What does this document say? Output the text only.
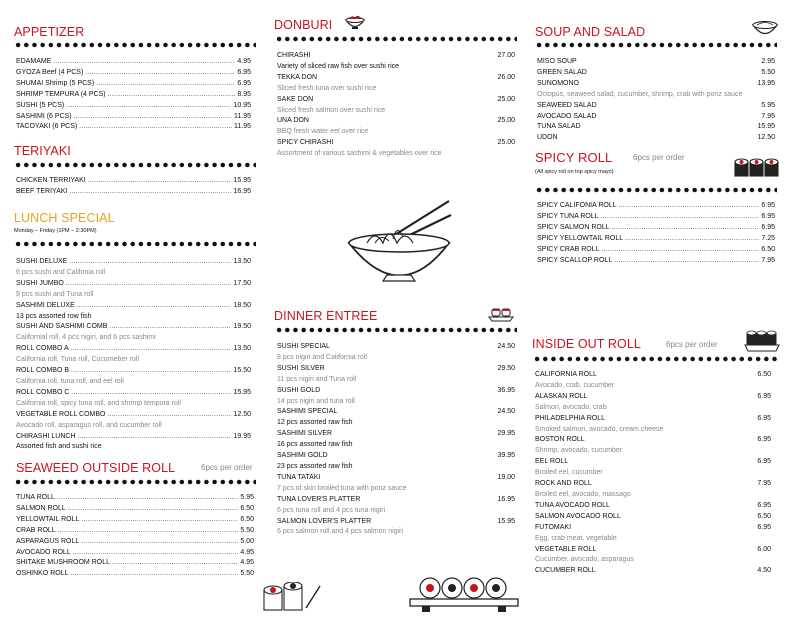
APPETIZER
EDAMAME . . .	4.95
GYOZA Beef (4 PCS) . . .	6.95
SHUMAI Shrimp (5 PCS) . . .	6.95
SHRIMP TEMPURA (4 PCS) . . .	8.95
SUSHI (5 PCS) . . .	10.95
SASHIMI (6 PCS) . . .	11.95
TACOYAKI (6 PCS) . . .	11.95
TERIYAKI
CHICKEN TERRIYAKI . . .	15.95
BEEF TERIYAKI . . .	16.95
LUNCH SPECIAL
Monday – Friday (1PM – 2:30PM)
SUSHI DELUXE . . .	13.50
6 pcs sushi and Califonia roll
SUSHI JUMBO . . .	17.50
9 pcs sushi and Tuna roll
SASHIMI DELUXE . . .	18.50
13 pcs assorted row fish
SUSHI AND SASHIMI COMB . . .	19.50
Californial roll, 4 pcs nigiri, and 6 pcs sashimi
ROLL COMBO A . . .	13.50
California roll, Tuna roll, Cucumeber roll
ROLL COMBO B . . .	15.50
California roll, tuna roll, and eel roll
ROLL COMBO C . . .	15.95
California roll, spicy tuna roll, and shrimp tempura roll
VEGETABLE ROLL COMBO . . .	12.50
Avocado roll, asparagus roll, and cucumber roll
CHIRASHI LUNCH . . .	19.95
Assorted fish and sushi rice
SEAWEED OUTSIDE ROLL	6pcs per order
TUNA ROLL . . .	5.95
SALMON ROLL . . .	6.50
YELLOWTAIL ROLL . . .	6.50
CRAB ROLL . . .	5.50
ASPARAGUS ROLL . . .	5.00
AVOCADO ROLL . . .	4.95
SHITAKE MUSHROOM ROLL . . .	4.95
OSHINKO ROLL . . .	5.50
DONBURI
CHIRASHI	27.00
Variety of sliced raw fish over sushi rice
TEKKA DON	26.00
Sliced fresh tuna over sushi rice
SAKE DON	25.00
Sliced fresh salmon over sushi rice
UNA DON	25.00
BBQ fresh water eel over rice
SPICY CHIRASHI	25.00
Assortment of various sashimi & vegetables over rice
DINNER ENTREE
SUSHI SPECIAL	24.50
8 pcs nigiri and California roll
SUSHI SILVER	29.50
11 pcs nigiri and Tuna roll
SUSHI GOLD	36.95
14 pcs nigiri and tuna roll
SASHIMI SPECIAL	24.50
12 pcs assorted raw fish
SASHIMI SILVER	29.95
16 pcs assorted raw fish
SASHIMI GOLD	39.95
23 pcs assorted raw fish
TUNA TATAKI	19.00
7 pcs of skin broiled tuna with ponz sauce
TUNA LOVER'S PLATTER	16.95
6 pcs tuna roll and 4 pcs tuna nigiri
SALMON LOVER'S PLATTER	15.95
6 pcs salmon roll and 4 pcs salmon nigiri
SOUP AND SALAD
MISO SOUP	2.95
GREEN SALAD	5.50
SUNOMONO	13.95
Octopus, seaweed salad, cucumber, shrimp, crab with ponz sauce
SEAWEED SALAD	5.95
AVOCADO SALAD	7.95
TUNA SALAD	15.95
UDON	12.50
SPICY ROLL	6pcs per order
(All spicy roll on top spicy mayo)
SPICY CALIFONIA ROLL . . .	6.95
SPICY TUNA ROLL . . .	6.95
SPICY SALMON ROLL . . .	6.95
SPICY YELLOWTAIL ROLL . . .	7.25
SPICY CRAB ROLL . . .	6.50
SPICY SCALLOP ROLL . . .	7.95
INSIDE OUT ROLL	6pcs per order
CALIFORNIA ROLL	6.50
Avocado, crab, cucumber
ALASKAN ROLL	6.95
Salmon, avocado, crab
PHILADELPHIA ROLL	6.95
Smoked salmon, avocado, cream cheese
BOSTON ROLL	6.95
Shrimp, avocado, cucumber
EEL ROLL	6.95
Broiled eel, cucumber
ROCK AND ROLL	7.95
Broiled eel, avocado, massago
TUNA AVOCADO ROLL	6.95
SALMON AVOCADO ROLL	6.50
FUTOMAKI	6.95
Egg, crab meat, vegetable
VEGETABLE ROLL	6.00
Cucumber, avocado, asparagus
CUCUMBER ROLL	4.50
